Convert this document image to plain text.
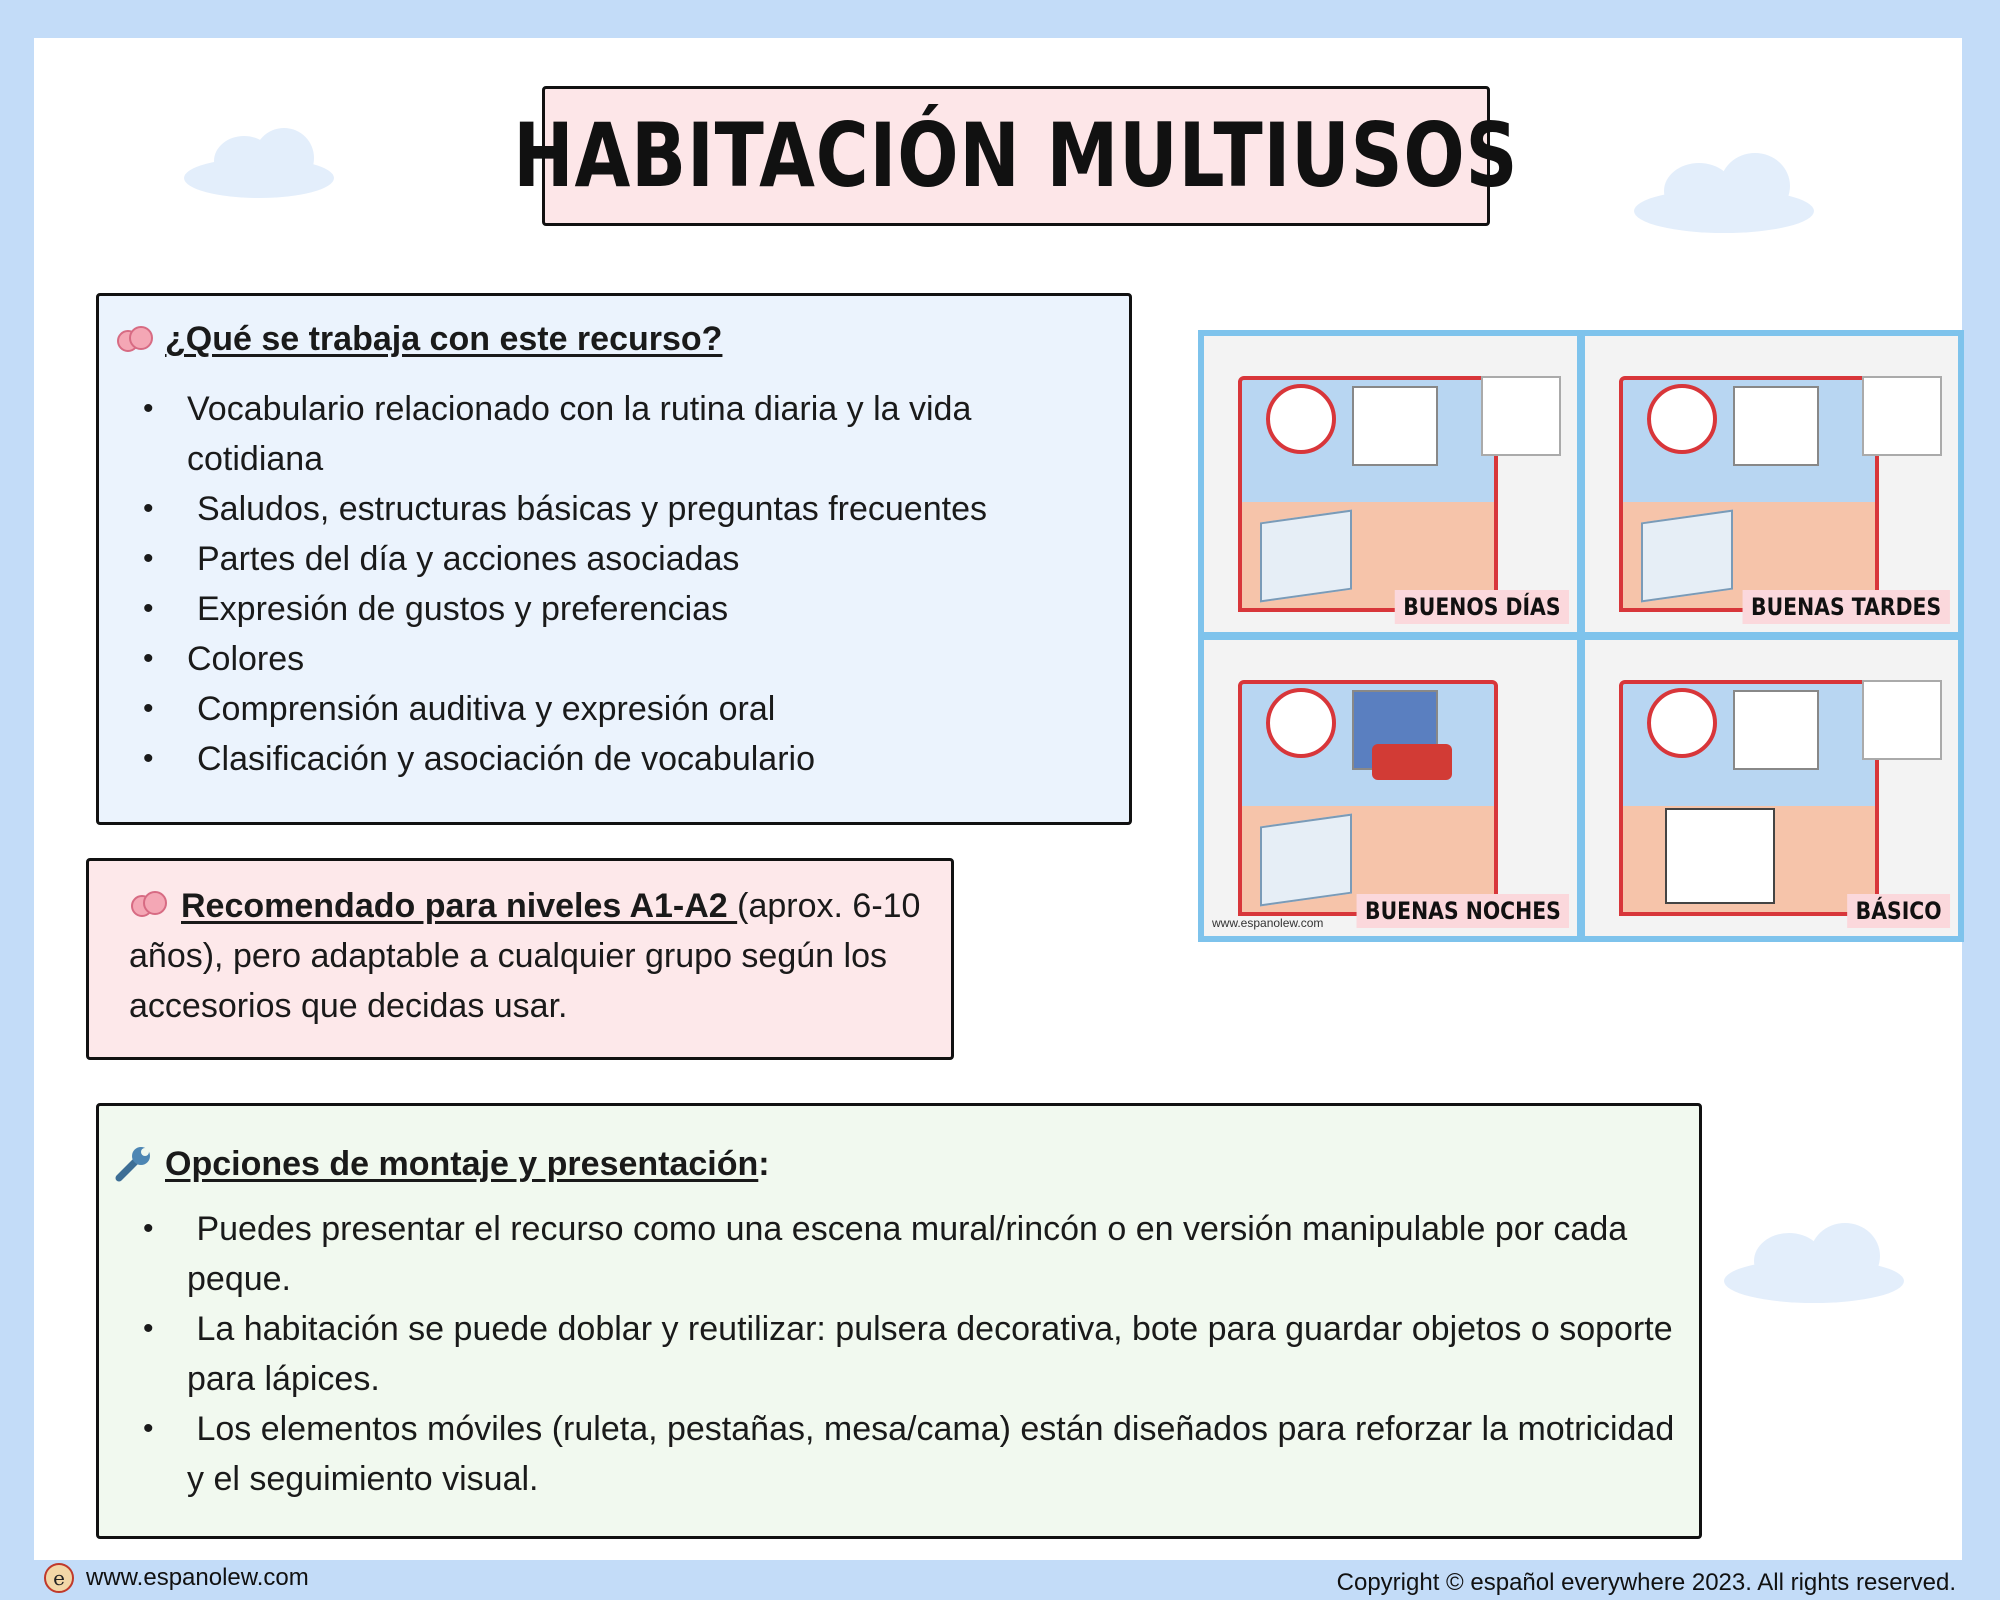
HABITACIÓN MULTIUSOS
¿Qué se trabaja con este recurso?
• Vocabulario relacionado con la rutina diaria y la vida cotidiana
• Saludos, estructuras básicas y preguntas frecuentes
• Partes del día y acciones asociadas
• Expresión de gustos y preferencias
• Colores
• Comprensión auditiva y expresión oral
• Clasificación y asociación de vocabulario
BUENOS DÍAS	BUENAS TARDES
www.espanolew.com	BUENAS NOCHES	BÁSICO
Recomendado para niveles A1-A2 (aprox. 6-10 años), pero adaptable a cualquier grupo según los accesorios que decidas usar.
Opciones de montaje y presentación:
• Puedes presentar el recurso como una escena mural/rincón o en versión manipulable por cada peque.
• La habitación se puede doblar y reutilizar: pulsera decorativa, bote para guardar objetos o soporte para lápices.
• Los elementos móviles (ruleta, pestañas, mesa/cama) están diseñados para reforzar la motricidad y el seguimiento visual.
e www.espanolew.com	Copyright © español everywhere 2023. All rights reserved.
